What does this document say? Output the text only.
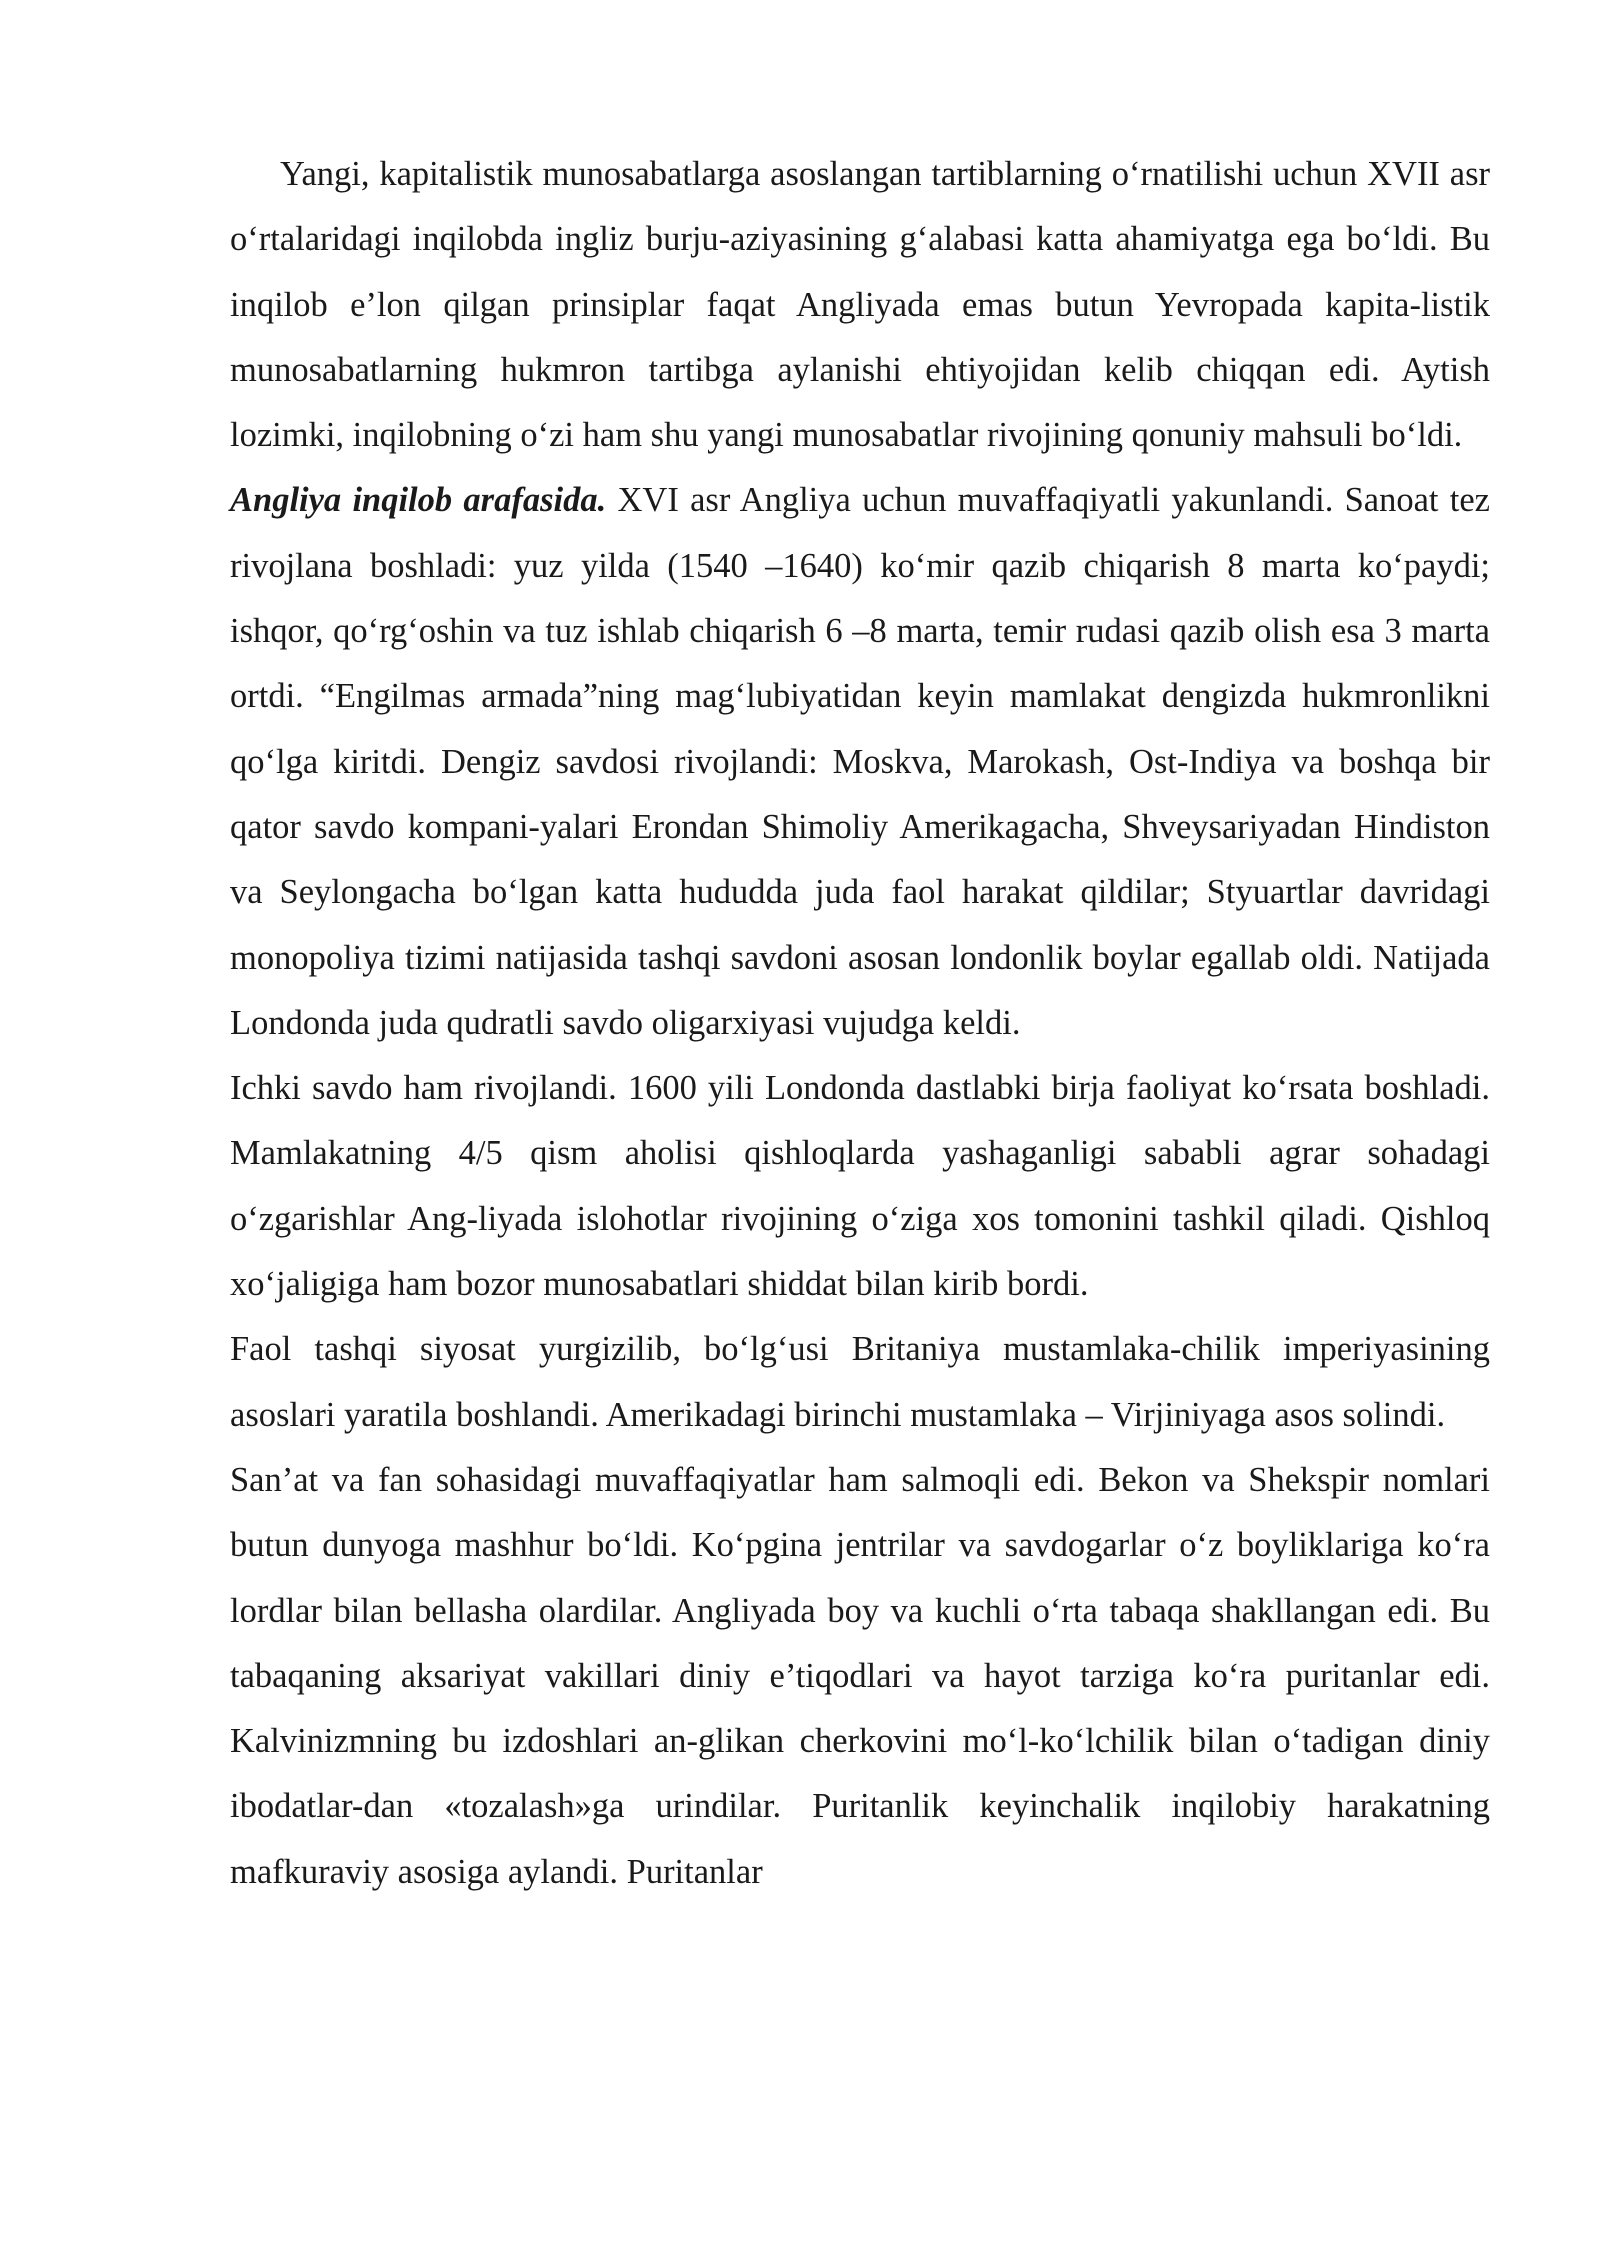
Yangi, kapitalistik munosabatlarga asoslangan tartiblarning o‘rnatilishi uchun XVII asr o‘rtalaridagi inqilobda ingliz burju-aziyasining g‘alabasi katta ahamiyatga ega bo‘ldi. Bu inqilob e’lon qilgan prinsiplar faqat Angliyada emas butun Yevropada kapita-listik munosabatlarning hukmron tartibga aylanishi ehtiyojidan kelib chiqqan edi. Aytish lozimki, inqilobning o‘zi ham shu yangi munosabatlar rivojining qonuniy mahsuli bo‘ldi.

Angliya inqilob arafasida. XVI asr Angliya uchun muvaffaqiyatli yakunlandi. Sanoat tez rivojlana boshladi: yuz yilda (1540 –1640) ko‘mir qazib chiqarish 8 marta ko‘paydi; ishqor, qo‘rg‘oshin va tuz ishlab chiqarish 6 –8 marta, temir rudasi qazib olish esa 3 marta ortdi. “Engilmas armada”ning mag‘lubiyatidan keyin mamlakat dengizda hukmronlikni qo‘lga kiritdi. Dengiz savdosi rivojlandi: Moskva, Marokash, Ost-Indiya va boshqa bir qator savdo kompani-yalari Erondan Shimoliy Amerikagacha, Shveysariyadan Hindiston va Seylongacha bo‘lgan katta hududda juda faol harakat qildilar; Styuartlar davridagi monopoliya tizimi natijasida tashqi savdoni asosan londonlik boylar egallab oldi. Natijada Londonda juda qudratli savdo oligarxiyasi vujudga keldi.

Ichki savdo ham rivojlandi. 1600 yili Londonda dastlabki birja faoliyat ko‘rsata boshladi. Mamlakatning 4/5 qism aholisi qishloqlarda yashaganligi sababli agrar sohadagi o‘zgarishlar Ang-liyada islohotlar rivojining o‘ziga xos tomonini tashkil qiladi. Qishloq xo‘jaligiga ham bozor munosabatlari shiddat bilan kirib bordi.

Faol tashqi siyosat yurgizilib, bo‘lg‘usi Britaniya mustamlaka-chilik imperiyasining asoslari yaratila boshlandi. Amerikadagi birinchi mustamlaka – Virjiniyaga asos solindi.

San’at va fan sohasidagi muvaffaqiyatlar ham salmoqli edi. Bekon va Shekspir nomlari butun dunyoga mashhur bo‘ldi. Ko‘pgina jentrilar va savdogarlar o‘z boyliklariga ko‘ra lordlar bilan bellasha olardilar. Angliyada boy va kuchli o‘rta tabaqa shakllangan edi. Bu tabaqaning aksariyat vakillari diniy e’tiqodlari va hayot tarziga ko‘ra puritanlar edi. Kalvinizmning bu izdoshlari an-glikan cherkovini mo‘l-ko‘lchilik bilan o‘tadigan diniy ibodatlar-dan «tozalash»ga urindilar. Puritanlik keyinchalik inqilobiy harakatning mafkuraviy asosiga aylandi. Puritanlar
